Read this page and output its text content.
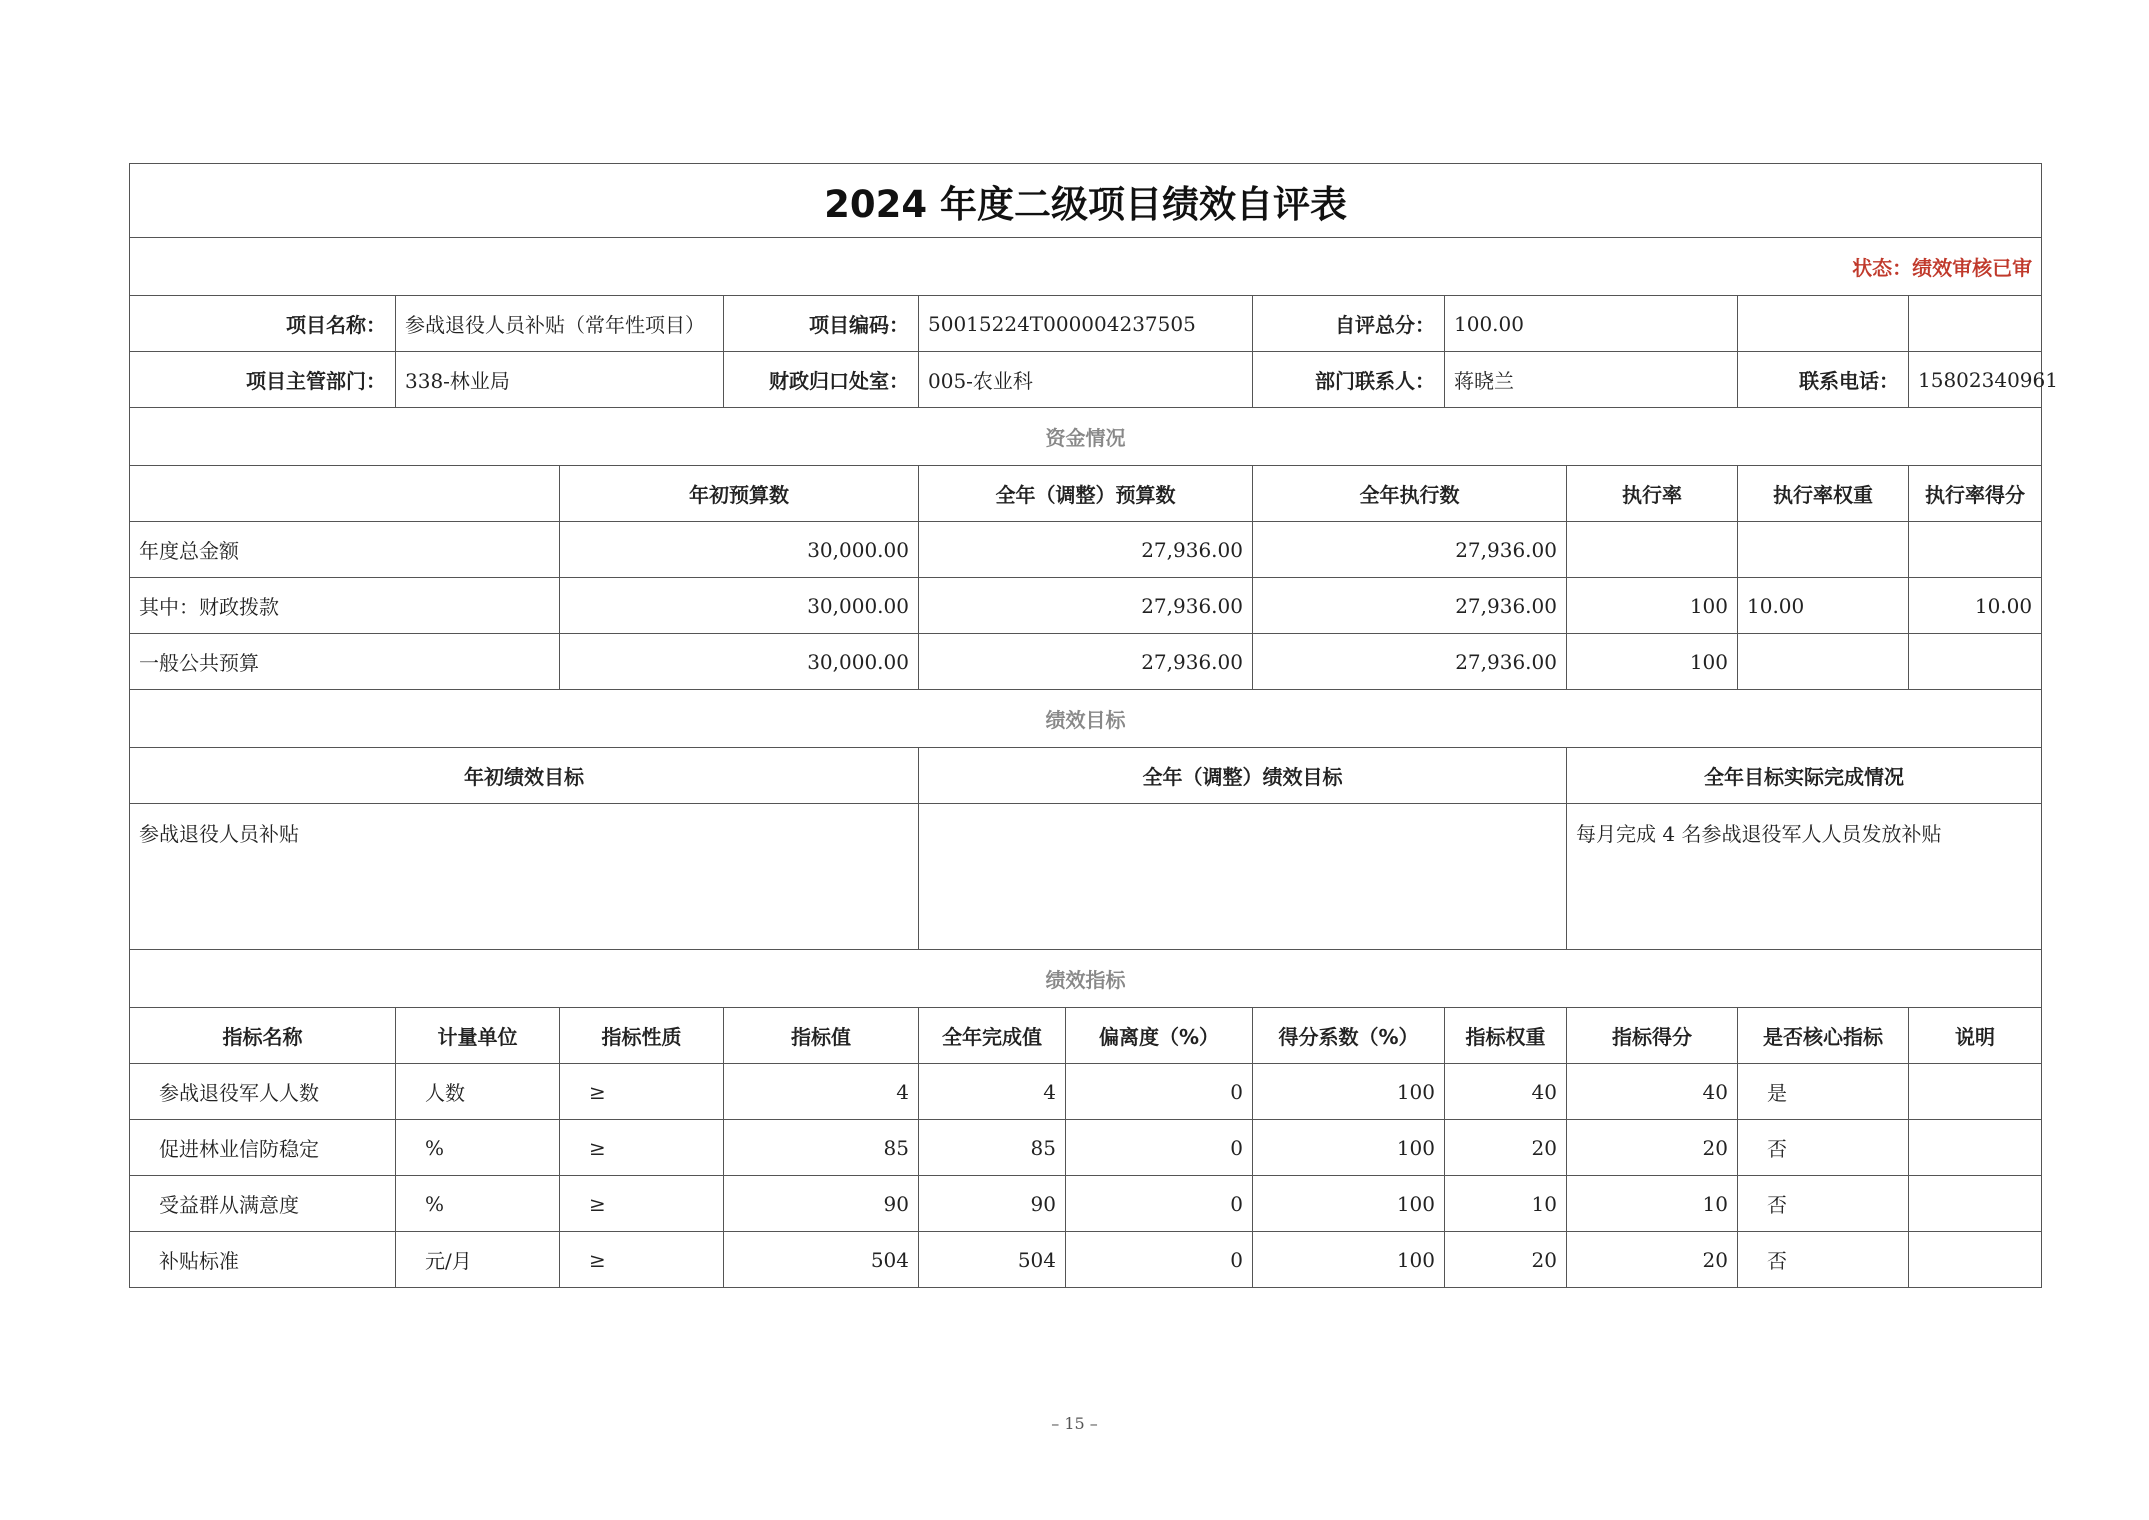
2024 年度二级项目绩效自评表										
状态：绩效审核已审										
项目名称：	参战退役人员补贴（常年性项目）		项目编码：	50015224T000004237505		自评总分：	100.00			
项目主管部门：	338-林业局		财政归口处室：	005-农业科		部门联系人：	蒋晓兰		联系电话：	15802340961
资金情况										
		年初预算数		全年（调整）预算数		全年执行数		执行率	执行率权重	执行率得分
年度总金额		30,000.00		27,936.00		27,936.00				
其中：财政拨款		30,000.00		27,936.00		27,936.00		100	10.00	10.00
一般公共预算		30,000.00		27,936.00		27,936.00		100		
绩效目标										
年初绩效目标				全年（调整）绩效目标				全年目标实际完成情况		
参战退役人员补贴								每月完成 4 名参战退役军人人员发放补贴		
绩效指标										
指标名称	计量单位	指标性质	指标值	全年完成值	偏离度（%）	得分系数（%）	指标权重	指标得分	是否核心指标	说明
参战退役军人人数	人数	≥	4	4	0	100	40	40	是	
促进林业信防稳定	%	≥	85	85	0	100	20	20	否	
受益群从满意度	%	≥	90	90	0	100	10	10	否	
补贴标准	元/月	≥	504	504	0	100	20	20	否	
– 15 –
